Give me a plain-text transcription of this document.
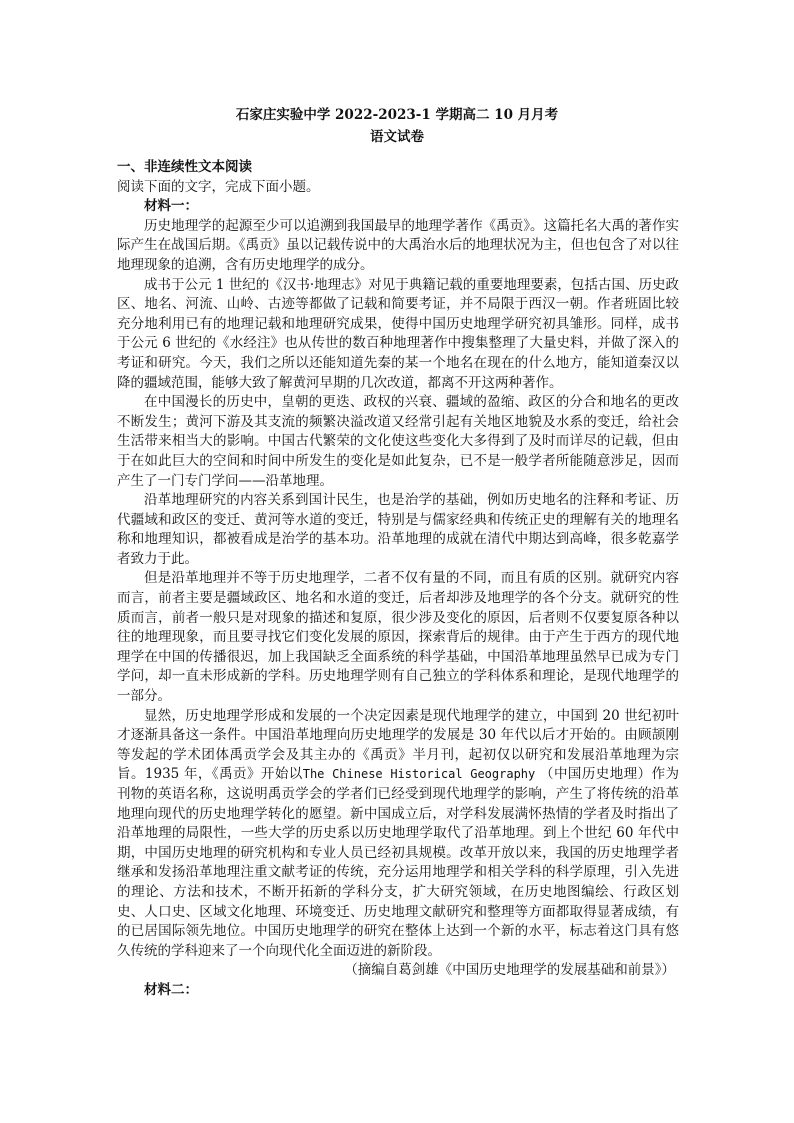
石家庄实验中学 2022-2023-1 学期高二 10 月月考
语文试卷

一、非连续性文本阅读

阅读下面的文字，完成下面小题。

材料一：

历史地理学的起源至少可以追溯到我国最早的地理学著作《禹贡》。这篇托名大禹的著作实际产生在战国后期。《禹贡》虽以记载传说中的大禹治水后的地理状况为主，但也包含了对以往地理现象的追溯，含有历史地理学的成分。

成书于公元 1 世纪的《汉书·地理志》对见于典籍记载的重要地理要素，包括古国、历史政区、地名、河流、山岭、古迹等都做了记载和简要考证，并不局限于西汉一朝。作者班固比较充分地利用已有的地理记载和地理研究成果，使得中国历史地理学研究初具雏形。同样，成书于公元 6 世纪的《水经注》也从传世的数百种地理著作中搜集整理了大量史料，并做了深入的考证和研究。今天，我们之所以还能知道先秦的某一个地名在现在的什么地方，能知道秦汉以降的疆域范围，能够大致了解黄河早期的几次改道，都离不开这两种著作。

在中国漫长的历史中，皇朝的更迭、政权的兴衰、疆域的盈缩、政区的分合和地名的更改不断发生；黄河下游及其支流的频繁决溢改道又经常引起有关地区地貌及水系的变迁，给社会生活带来相当大的影响。中国古代繁荣的文化使这些变化大多得到了及时而详尽的记载，但由于在如此巨大的空间和时间中所发生的变化是如此复杂，已不是一般学者所能随意涉足，因而产生了一门专门学问——沿革地理。

沿革地理研究的内容关系到国计民生，也是治学的基础，例如历史地名的注释和考证、历代疆域和政区的变迁、黄河等水道的变迁，特别是与儒家经典和传统正史的理解有关的地理名称和地理知识，都被看成是治学的基本功。沿革地理的成就在清代中期达到高峰，很多乾嘉学者致力于此。

但是沿革地理并不等于历史地理学，二者不仅有量的不同，而且有质的区别。就研究内容而言，前者主要是疆域政区、地名和水道的变迁，后者却涉及地理学的各个分支。就研究的性质而言，前者一般只是对现象的描述和复原，很少涉及变化的原因，后者则不仅要复原各种以往的地理现象，而且要寻找它们变化发展的原因，探索背后的规律。由于产生于西方的现代地理学在中国的传播很迟，加上我国缺乏全面系统的科学基础，中国沿革地理虽然早已成为专门学问，却一直未形成新的学科。历史地理学则有自己独立的学科体系和理论，是现代地理学的一部分。

显然，历史地理学形成和发展的一个决定因素是现代地理学的建立，中国到 20 世纪初叶才逐渐具备这一条件。中国沿革地理向历史地理学的发展是 30 年代以后才开始的。由顾颉刚等发起的学术团体禹贡学会及其主办的《禹贡》半月刊，起初仅以研究和发展沿革地理为宗旨。1935 年，《禹贡》开始以The Chinese Historical Geography （中国历史地理）作为刊物的英语名称，这说明禹贡学会的学者们已经受到现代地理学的影响，产生了将传统的沿革地理向现代的历史地理学转化的愿望。新中国成立后，对学科发展满怀热情的学者及时指出了沿革地理的局限性，一些大学的历史系以历史地理学取代了沿革地理。到上个世纪 60 年代中期，中国历史地理的研究机构和专业人员已经初具规模。改革开放以来，我国的历史地理学者继承和发扬沿革地理注重文献考证的传统，充分运用地理学和相关学科的科学原理，引入先进的理论、方法和技术，不断开拓新的学科分支，扩大研究领域，在历史地图编绘、行政区划史、人口史、区域文化地理、环境变迁、历史地理文献研究和整理等方面都取得显著成绩，有的已居国际领先地位。中国历史地理学的研究在整体上达到一个新的水平，标志着这门具有悠久传统的学科迎来了一个向现代化全面迈进的新阶段。

（摘编自葛剑雄《中国历史地理学的发展基础和前景》）

材料二：
